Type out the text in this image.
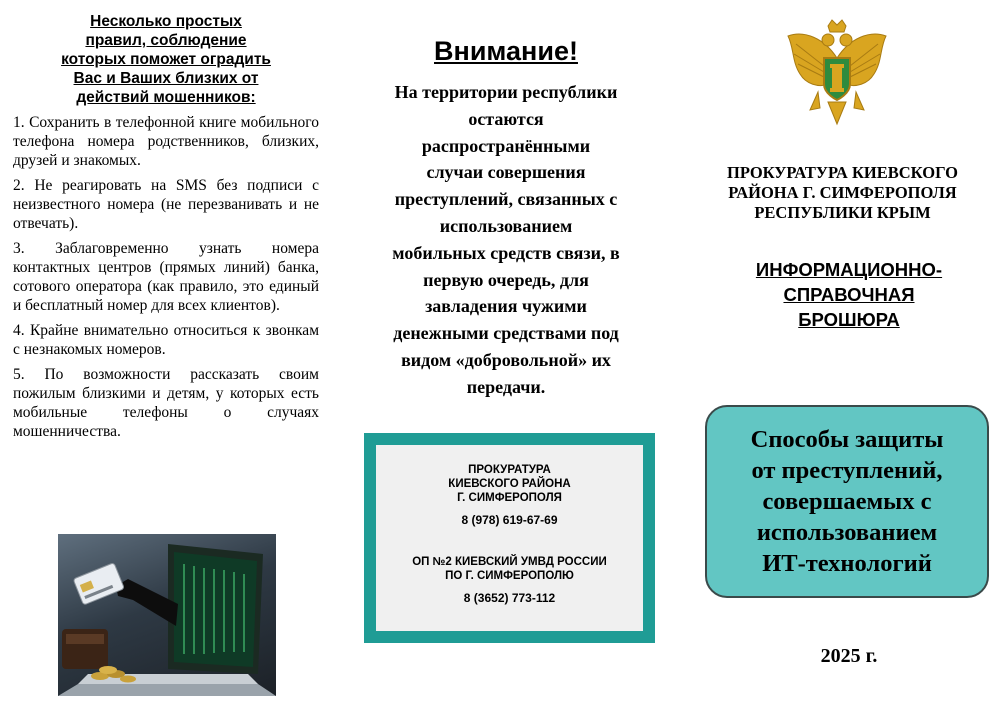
Несколько простых
правил, соблюдение
которых поможет оградить
Вас и Ваших близких от
действий мошенников:

1. Сохранить в телефонной книге мобильного телефона номера родственников, близких, друзей и знакомых.

2. Не реагировать на SMS без подписи с неизвестного номера (не перезванивать и не отвечать).

3. Заблаговременно узнать номера контактных центров (прямых линий) банка, сотового оператора (как правило, это единый и бесплатный номер для всех клиентов).

4. Крайне внимательно относиться к звонкам с незнакомых номеров.

5. По возможности рассказать своим пожилым близкими и детям, у которых есть мобильные телефоны о случаях мошенничества.

Внимание!
На территории республики
остаются
распространёнными
случаи совершения
преступлений, связанных с
использованием
мобильных средств связи, в
первую очередь, для
завладения чужими
денежными средствами под
видом «добровольной» их
передачи.
ПРОКУРАТУРА
КИЕВСКОГО РАЙОНА
Г. СИМФЕРОПОЛЯ
8 (978) 619-67-69
ОП №2 КИЕВСКИЙ УМВД РОССИИ
ПО Г. СИМФЕРОПОЛЮ
8 (3652) 773-112
ПРОКУРАТУРА КИЕВСКОГО
РАЙОНА Г. СИМФЕРОПОЛЯ
РЕСПУБЛИКИ КРЫМ
ИНФОРМАЦИОННО-
СПРАВОЧНАЯ
БРОШЮРА
Способы защиты
от преступлений,
совершаемых с
использованием
ИТ-технологий
2025 г.
